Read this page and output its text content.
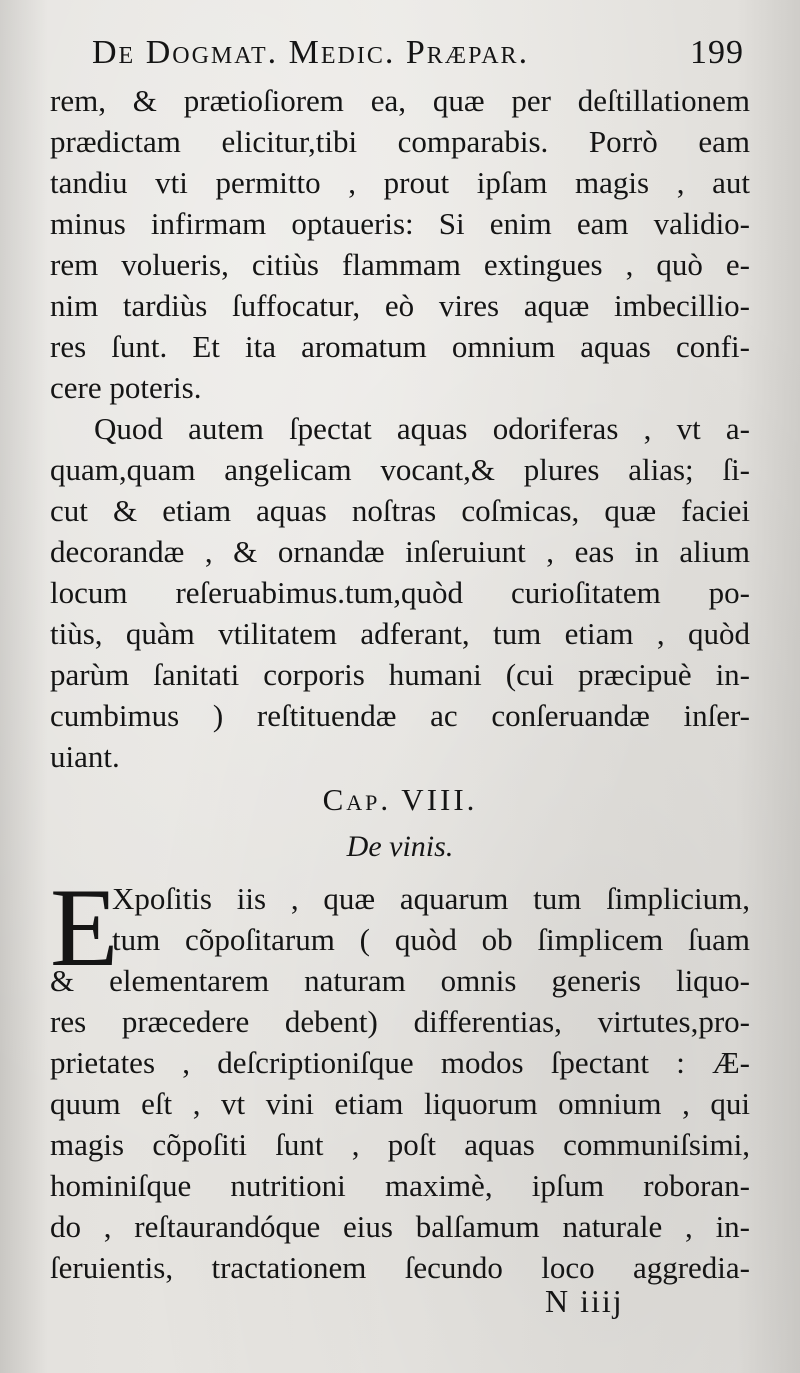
De Dogmat. Medic. Præpar.	199
rem, & prætioſiorem ea, quæ per deſtillationem
prædictam elicitur,tibi comparabis. Porrò eam
tandiu vti permitto , prout ipſam magis , aut
minus infirmam optaueris: Si enim eam validio-
rem volueris, citiùs flammam extingues , quò e-
nim tardiùs ſuffocatur, eò vires aquæ imbecillio-
res ſunt. Et ita aromatum omnium aquas confi-
cere poteris.
Quod autem ſpectat aquas odoriferas , vt a-
quam,quam angelicam vocant,& plures alias; ſi-
cut & etiam aquas noſtras coſmicas, quæ faciei
decorandæ , & ornandæ inſeruiunt , eas in alium
locum reſeruabimus.tum,quòd curioſitatem po-
tiùs, quàm vtilitatem adferant, tum etiam , quòd
parùm ſanitati corporis humani (cui præcipuè in-
cumbimus ) reſtituendæ ac conſeruandæ inſer-
uiant.
Cap. VIII.
De vinis.
E
Xpoſitis iis , quæ aquarum tum ſimplicium,
tum cõpoſitarum ( quòd ob ſimplicem ſuam
& elementarem naturam omnis generis liquo-
res præcedere debent) differentias, virtutes,pro-
prietates , deſcriptioniſque modos ſpectant : Æ-
quum eſt , vt vini etiam liquorum omnium , qui
magis cõpoſiti ſunt , poſt aquas communiſsimi,
hominiſque nutritioni maximè, ipſum roboran-
do , reſtaurandóque eius balſamum naturale , in-
ſeruientis, tractationem ſecundo loco aggredia-
N iiij
